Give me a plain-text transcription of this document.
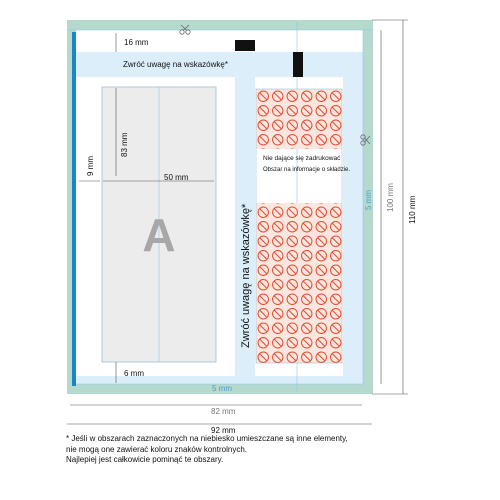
16 mm
9 mm
83 mm
50 mm
6 mm
5 mm
5 mm 100 mm 110 mm
82 mm
92 mm
Zwróć uwagę na wskazówkę*
Zwróć uwagę na wskazówkę*
A
Nie dające się zadrukować
Obszar na informacje o składzie.
* Jeśli w obszarach zaznaczonych na niebiesko umieszczane są inne elementy,
nie mogą one zawierać koloru znaków kontrolnych.
Najlepiej jest całkowicie pominąć te obszary.
